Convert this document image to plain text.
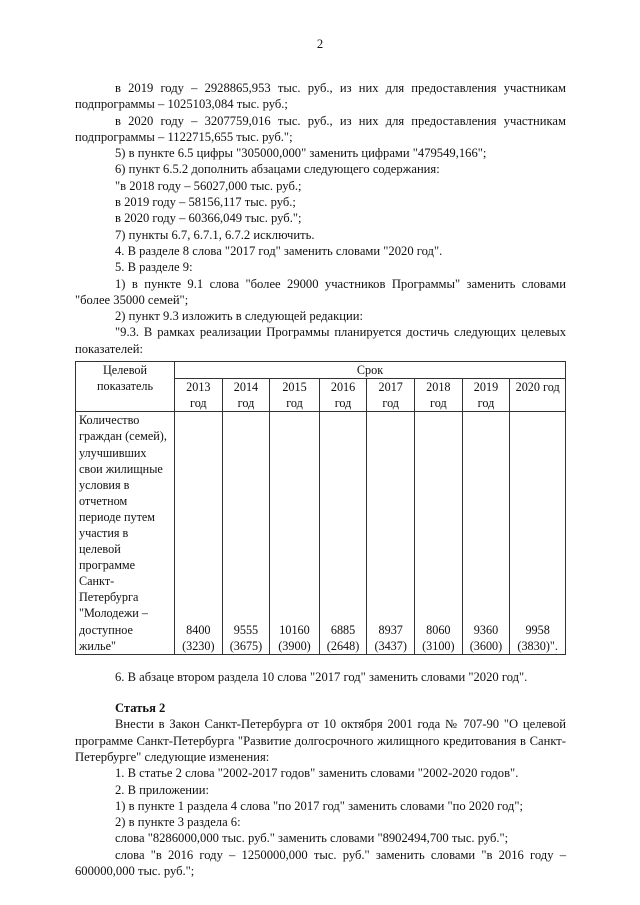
2

в 2019 году – 2928865,953 тыс. руб., из них для предоставления участникам подпрограммы – 1025103,084 тыс. руб.;

в 2020 году – 3207759,016 тыс. руб., из них для предоставления участникам подпрограммы – 1122715,655 тыс. руб.";

5) в пункте 6.5 цифры "305000,000" заменить цифрами "479549,166";

6) пункт 6.5.2 дополнить абзацами следующего содержания:

"в 2018 году – 56027,000 тыс. руб.;

в 2019 году – 58156,117 тыс. руб.;

в 2020 году – 60366,049 тыс. руб.";

7) пункты 6.7, 6.7.1, 6.7.2 исключить.

4. В разделе 8 слова "2017 год" заменить словами "2020 год".

5. В разделе 9:

1) в пункте 9.1 слова "более 29000 участников Программы" заменить словами "более 35000 семей";

2) пункт 9.3 изложить в следующей редакции:

"9.3. В рамках реализации Программы планируется достичь следующих целевых показателей:

Целевой показатель	Срок							
	2013 год	2014 год	2015 год	2016 год	2017 год	2018 год	2019 год	2020 год
Количество граждан (семей), улучшивших свои жилищные условия в отчетном периоде путем участия в целевой программе Санкт-Петербурга "Молодежи – доступное жилье"	8400 (3230)	9555 (3675)	10160 (3900)	6885 (2648)	8937 (3437)	8060 (3100)	9360 (3600)	9958 (3830)".

6. В абзаце втором раздела 10 слова "2017 год" заменить словами "2020 год".

Статья 2

Внести в Закон Санкт-Петербурга от 10 октября 2001 года № 707-90 "О целевой программе Санкт-Петербурга "Развитие долгосрочного жилищного кредитования в Санкт-Петербурге" следующие изменения:

1. В статье 2 слова "2002-2017 годов" заменить словами "2002-2020 годов".

2. В приложении:

1) в пункте 1 раздела 4 слова "по 2017 год" заменить словами "по 2020 год";

2) в пункте 3 раздела 6:

слова "8286000,000 тыс. руб." заменить словами "8902494,700 тыс. руб.";

слова "в 2016 году – 1250000,000 тыс. руб." заменить словами "в 2016 году – 600000,000 тыс. руб.";
